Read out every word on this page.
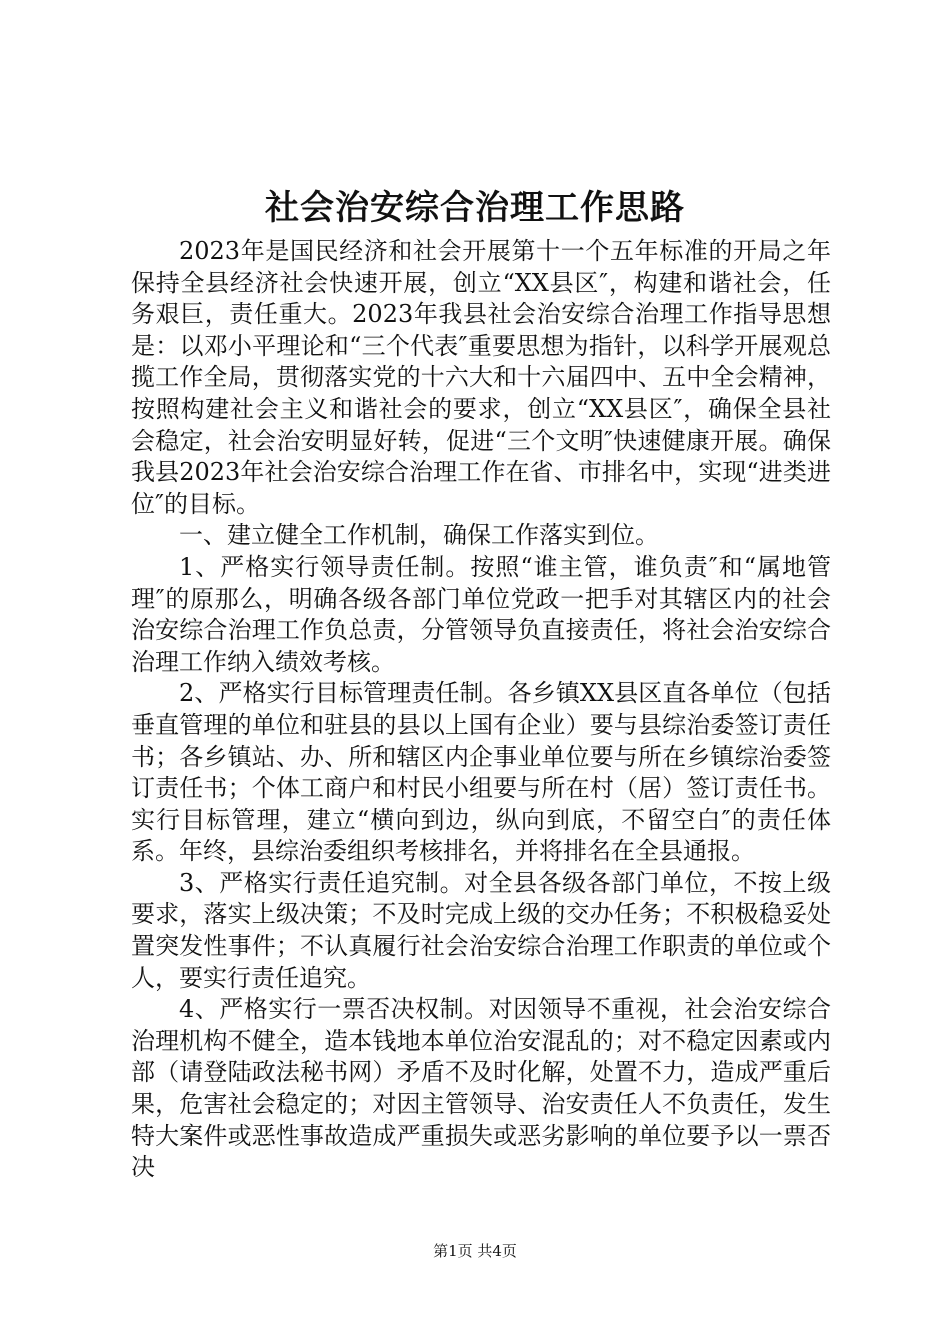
社会治安综合治理工作思路

2023年是国民经济和社会开展第十一个五年标准的开局之年保持全县经济社会快速开展，创立“XX县区″，构建和谐社会，任务艰巨，责任重大。2023年我县社会治安综合治理工作指导思想是：以邓小平理论和“三个代表″重要思想为指针，以科学开展观总揽工作全局，贯彻落实党的十六大和十六届四中、五中全会精神，按照构建社会主义和谐社会的要求，创立“XX县区″，确保全县社会稳定，社会治安明显好转，促进“三个文明″快速健康开展。确保我县2023年社会治安综合治理工作在省、市排名中，实现“进类进位″的目标。

一、建立健全工作机制，确保工作落实到位。

1、严格实行领导责任制。按照“谁主管，谁负责″和“属地管理″的原那么，明确各级各部门单位党政一把手对其辖区内的社会治安综合治理工作负总责，分管领导负直接责任，将社会治安综合治理工作纳入绩效考核。

2、严格实行目标管理责任制。各乡镇XX县区直各单位（包括垂直管理的单位和驻县的县以上国有企业）要与县综治委签订责任书；各乡镇站、办、所和辖区内企事业单位要与所在乡镇综治委签订责任书；个体工商户和村民小组要与所在村（居）签订责任书。实行目标管理，建立“横向到边，纵向到底，不留空白″的责任体系。年终，县综治委组织考核排名，并将排名在全县通报。

3、严格实行责任追究制。对全县各级各部门单位，不按上级要求，落实上级决策；不及时完成上级的交办任务；不积极稳妥处置突发性事件；不认真履行社会治安综合治理工作职责的单位或个人，要实行责任追究。

4、严格实行一票否决权制。对因领导不重视，社会治安综合治理机构不健全，造本钱地本单位治安混乱的；对不稳定因素或内部（请登陆政法秘书网）矛盾不及时化解，处置不力，造成严重后果，危害社会稳定的；对因主管领导、治安责任人不负责任，发生特大案件或恶性事故造成严重损失或恶劣影响的单位要予以一票否决

第1页 共4页
